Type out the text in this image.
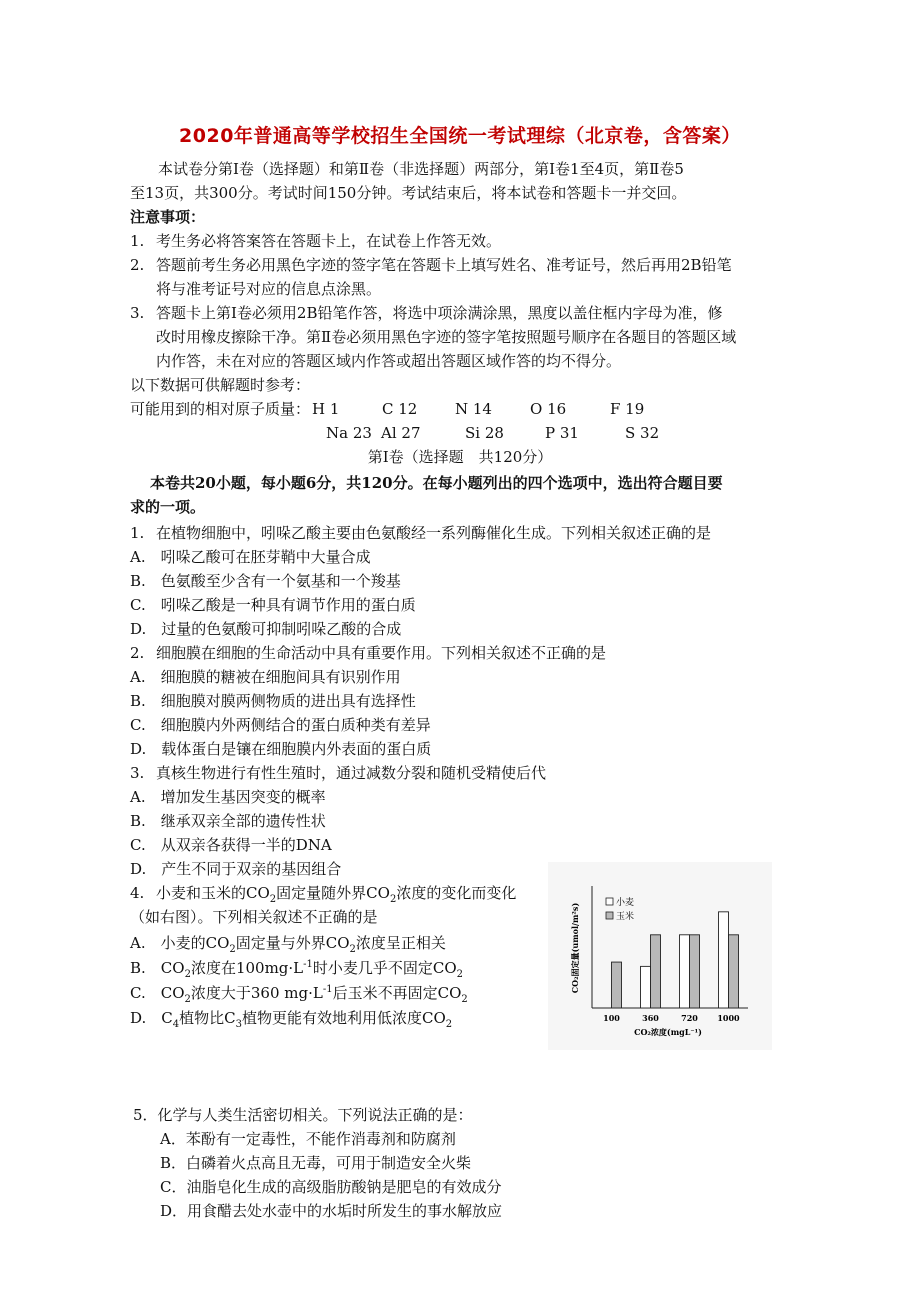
2020年普通高等学校招生全国统一考试理综（北京卷，含答案）
本试卷分第Ⅰ卷（选择题）和第Ⅱ卷（非选择题）两部分，第Ⅰ卷1至4页，第Ⅱ卷5
至13页，共300分。考试时间150分钟。考试结束后，将本试卷和答题卡一并交回。
注意事项：
1. 考生务必将答案答在答题卡上，在试卷上作答无效。
2. 答题前考生务必用黑色字迹的签字笔在答题卡上填写姓名、准考证号，然后再用2B铅笔
将与准考证号对应的信息点涂黑。
3. 答题卡上第Ⅰ卷必须用2B铅笔作答，将选中项涂满涂黑，黑度以盖住框内字母为准，修
改时用橡皮擦除干净。第Ⅱ卷必须用黑色字迹的签字笔按照题号顺序在各题目的答题区域
内作答，未在对应的答题区域内作答或超出答题区域作答的均不得分。
以下数据可供解题时参考：
可能用到的相对原子质量： H 1	C 12	N 14	O 16	F 19
Na 23 Al 27	Si 28	P 31	S 32
第Ⅰ卷（选择题　共120分）
本卷共20小题，每小题6分，共120分。在每小题列出的四个选项中，选出符合题目要
求的一项。
1. 在植物细胞中，吲哚乙酸主要由色氨酸经一系列酶催化生成。下列相关叙述正确的是
A.　吲哚乙酸可在胚芽鞘中大量合成
B.　色氨酸至少含有一个氨基和一个羧基
C.　吲哚乙酸是一种具有调节作用的蛋白质
D.　过量的色氨酸可抑制吲哚乙酸的合成
2. 细胞膜在细胞的生命活动中具有重要作用。下列相关叙述不正确的是
A.　细胞膜的糖被在细胞间具有识别作用
B.　细胞膜对膜两侧物质的进出具有选择性
C.　细胞膜内外两侧结合的蛋白质种类有差异
D.　载体蛋白是镶在细胞膜内外表面的蛋白质
3. 真核生物进行有性生殖时，通过减数分裂和随机受精使后代
A.　增加发生基因突变的概率
B.　继承双亲全部的遗传性状
C.　从双亲各获得一半的DNA
D.　产生不同于双亲的基因组合
4. 小麦和玉米的$CO_2$固定量随外界$CO_2$浓度的变化而变化
（如右图）。下列相关叙述不正确的是
A.　小麦的$CO_2$固定量与外界$CO_2$浓度呈正相关
B.　$CO_2$浓度在$100mg\cdot L^{-1}$时小麦几乎不固定$CO_2$
C.　$CO_2$浓度大于360 $mg\cdot L^{-1}$后玉米不再固定$CO_2$
D.　$C_4$植物比$C_3$植物更能有效地利用低浓度$CO_2$
CO₂固定量(umol/m²s)
CO₂浓度(mgL⁻¹)
小麦
玉米
100	360	720 1000
5．化学与人类生活密切相关。下列说法正确的是：
A．苯酚有一定毒性，不能作消毒剂和防腐剂
B．白磷着火点高且无毒，可用于制造安全火柴
C．油脂皂化生成的高级脂肪酸钠是肥皂的有效成分
D．用食醋去处水壶中的水垢时所发生的事水解放应
